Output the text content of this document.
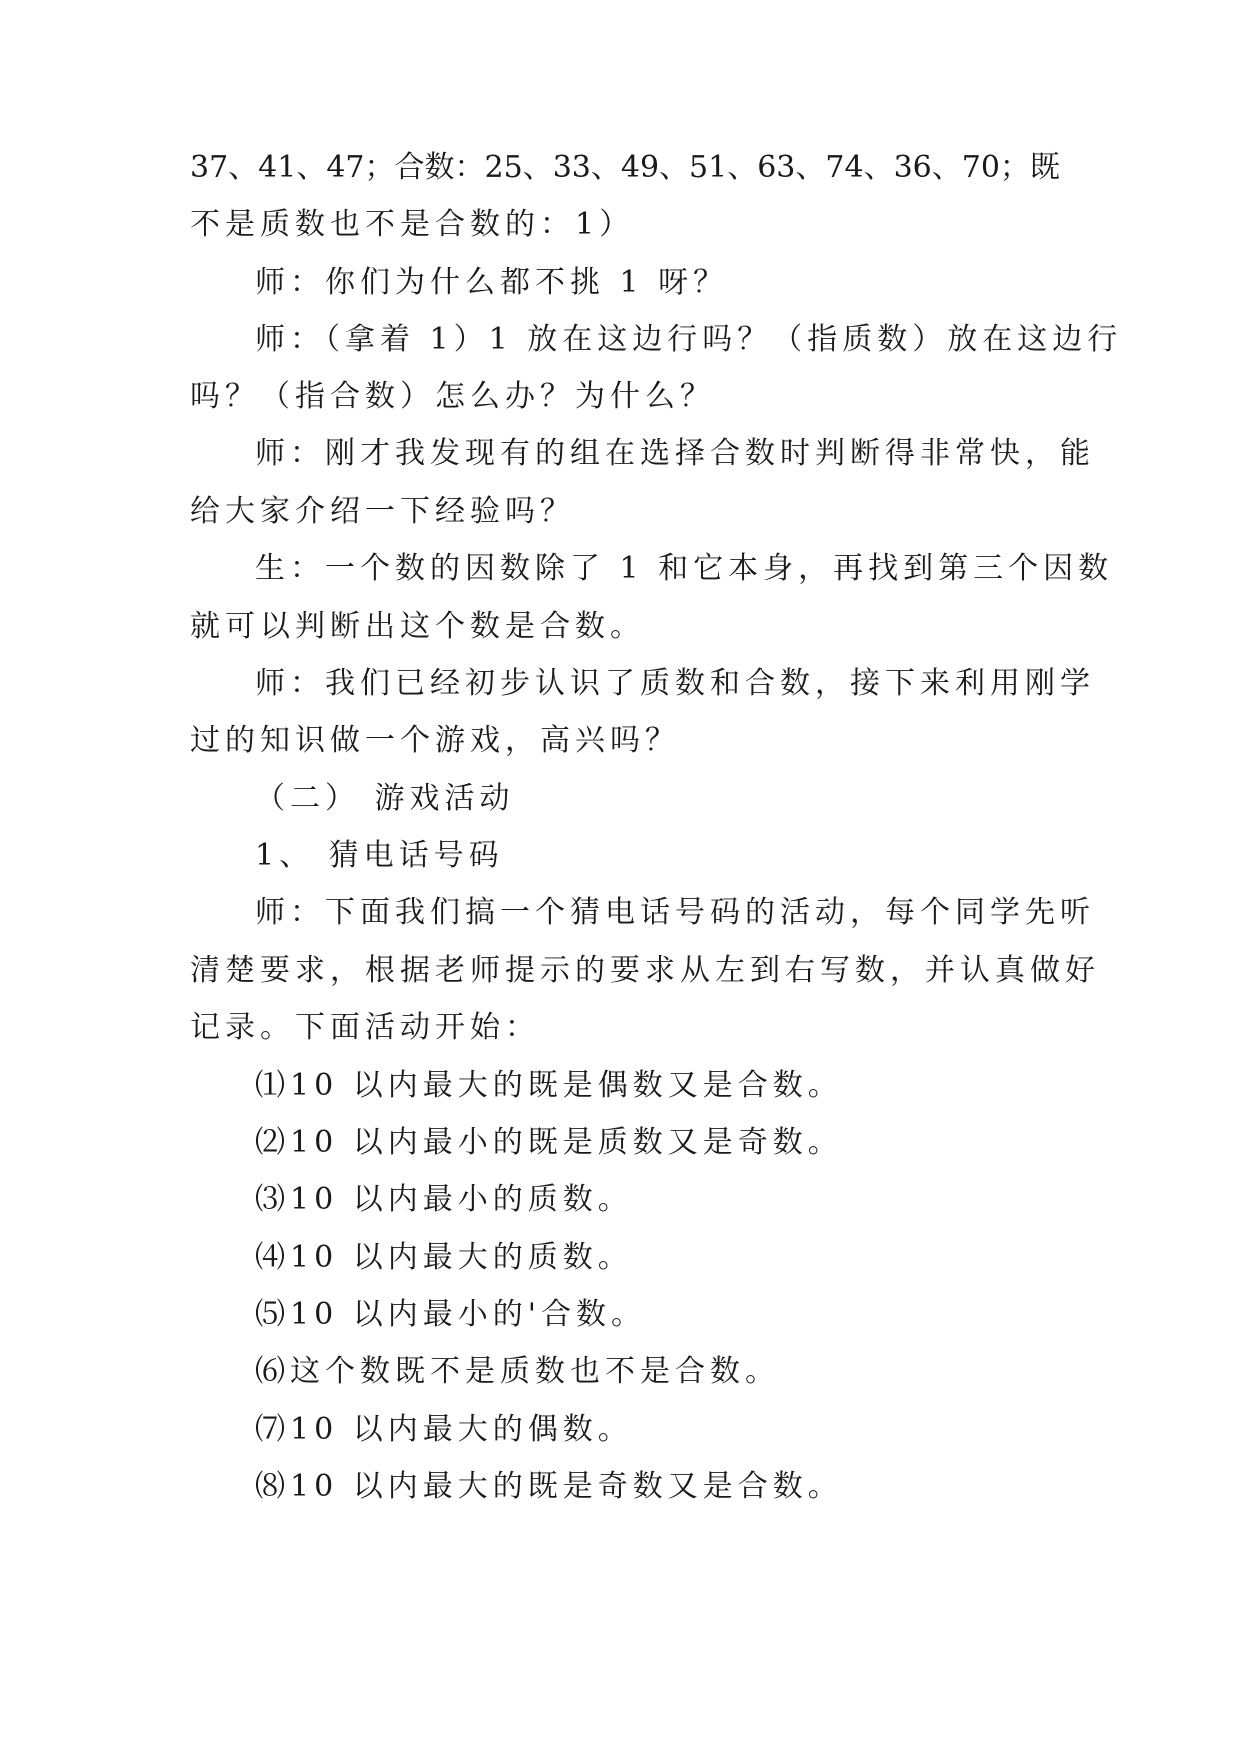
37、41、47；合数：25、33、49、51、63、74、36、70；既
不是质数也不是合数的：1）
师：你们为什么都不挑 1 呀？
师：（拿着 1）1 放在这边行吗？（指质数）放在这边行
吗？（指合数）怎么办？为什么？
师：刚才我发现有的组在选择合数时判断得非常快，能
给大家介绍一下经验吗？
生：一个数的因数除了 1 和它本身，再找到第三个因数
就可以判断出这个数是合数。
师：我们已经初步认识了质数和合数，接下来利用刚学
过的知识做一个游戏，高兴吗？
（二） 游戏活动
1、 猜电话号码
师：下面我们搞一个猜电话号码的活动，每个同学先听
清楚要求，根据老师提示的要求从左到右写数，并认真做好
记录。下面活动开始：
⑴10 以内最大的既是偶数又是合数。
⑵10 以内最小的既是质数又是奇数。
⑶10 以内最小的质数。
⑷10 以内最大的质数。
⑸10 以内最小的'合数。
⑹这个数既不是质数也不是合数。
⑺10 以内最大的偶数。
⑻10 以内最大的既是奇数又是合数。
